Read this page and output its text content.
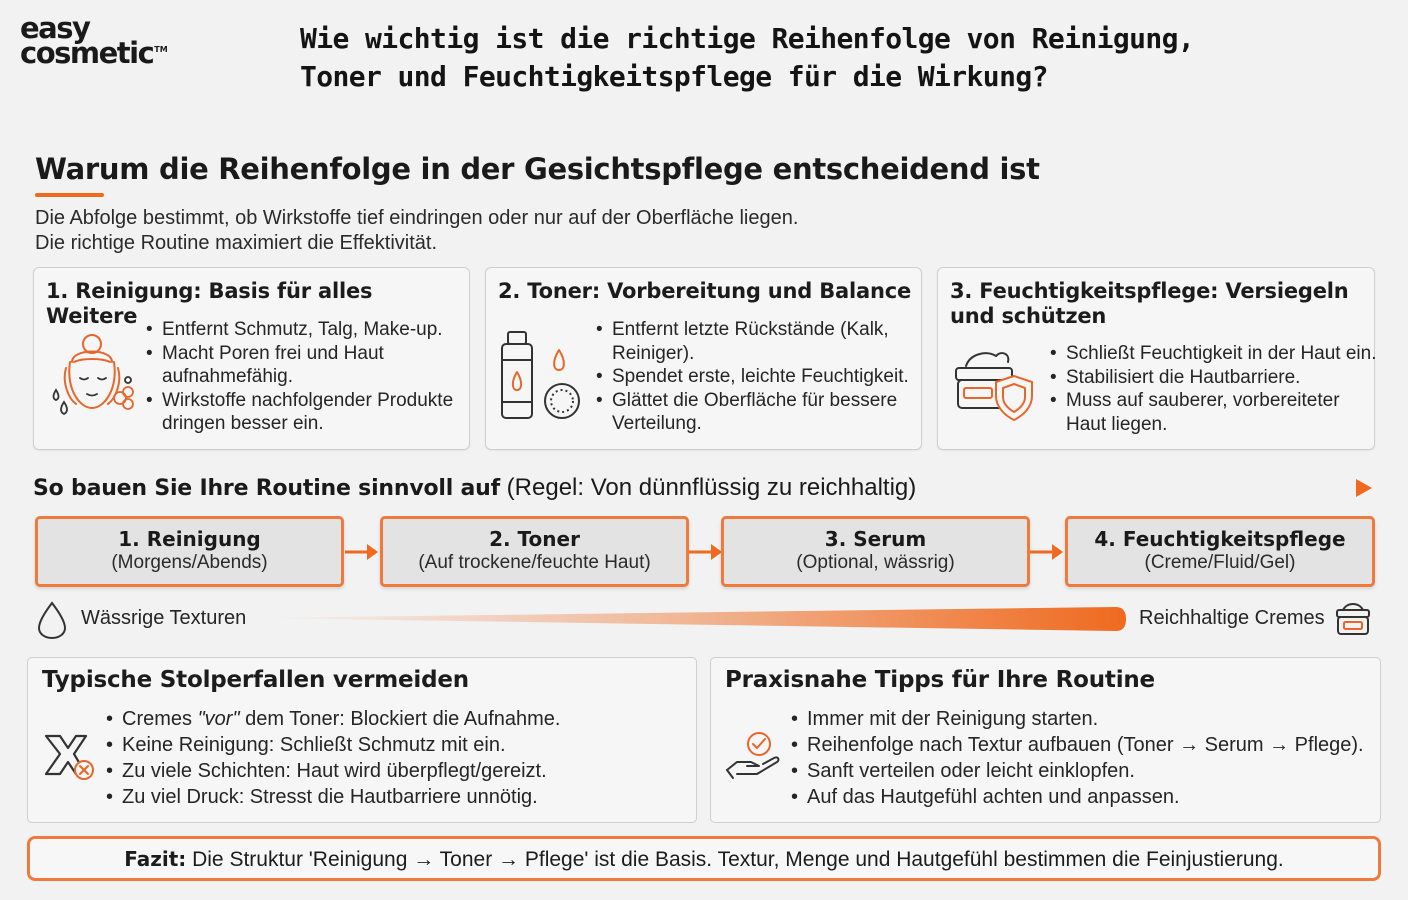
easy
cosmetic™	Wie wichtig ist die richtige Reihenfolge von Reinigung,
Toner und Feuchtigkeitspflege für die Wirkung?
Warum die Reihenfolge in der Gesichtspflege entscheidend ist
Die Abfolge bestimmt, ob Wirkstoffe tief eindringen oder nur auf der Oberfläche liegen.
Die richtige Routine maximiert die Effektivität.
1. Reinigung: Basis für alles Weitere
• Entfernt Schmutz, Talg, Make-up.
• Macht Poren frei und Haut
aufnahmefähig.
• Wirkstoffe nachfolgender Produkte
dringen besser ein.
2. Toner: Vorbereitung und Balance
• Entfernt letzte Rückstände (Kalk,
Reiniger).
• Spendet erste, leichte Feuchtigkeit.
• Glättet die Oberfläche für bessere
Verteilung.
3. Feuchtigkeitspflege: Versiegeln
und schützen
• Schließt Feuchtigkeit in der Haut ein.
• Stabilisiert die Hautbarriere.
• Muss auf sauberer, vorbereiteter
Haut liegen.
So bauen Sie Ihre Routine sinnvoll auf (Regel: Von dünnflüssig zu reichhaltig)
1. Reinigung
(Morgens/Abends)
2. Toner
(Auf trockene/feuchte Haut)
3. Serum
(Optional, wässrig)
4. Feuchtigkeitspflege
(Creme/Fluid/Gel)
Wässrige Texturen	Reichhaltige Cremes
Typische Stolperfallen vermeiden
• Cremes "vor" dem Toner: Blockiert die Aufnahme.
• Keine Reinigung: Schließt Schmutz mit ein.
• Zu viele Schichten: Haut wird überpflegt/gereizt.
• Zu viel Druck: Stresst die Hautbarriere unnötig.
Praxisnahe Tipps für Ihre Routine
• Immer mit der Reinigung starten.
• Reihenfolge nach Textur aufbauen (Toner → Serum → Pflege).
• Sanft verteilen oder leicht einklopfen.
• Auf das Hautgefühl achten und anpassen.
Fazit: Die Struktur 'Reinigung → Toner → Pflege' ist die Basis. Textur, Menge und Hautgefühl bestimmen die Feinjustierung.
